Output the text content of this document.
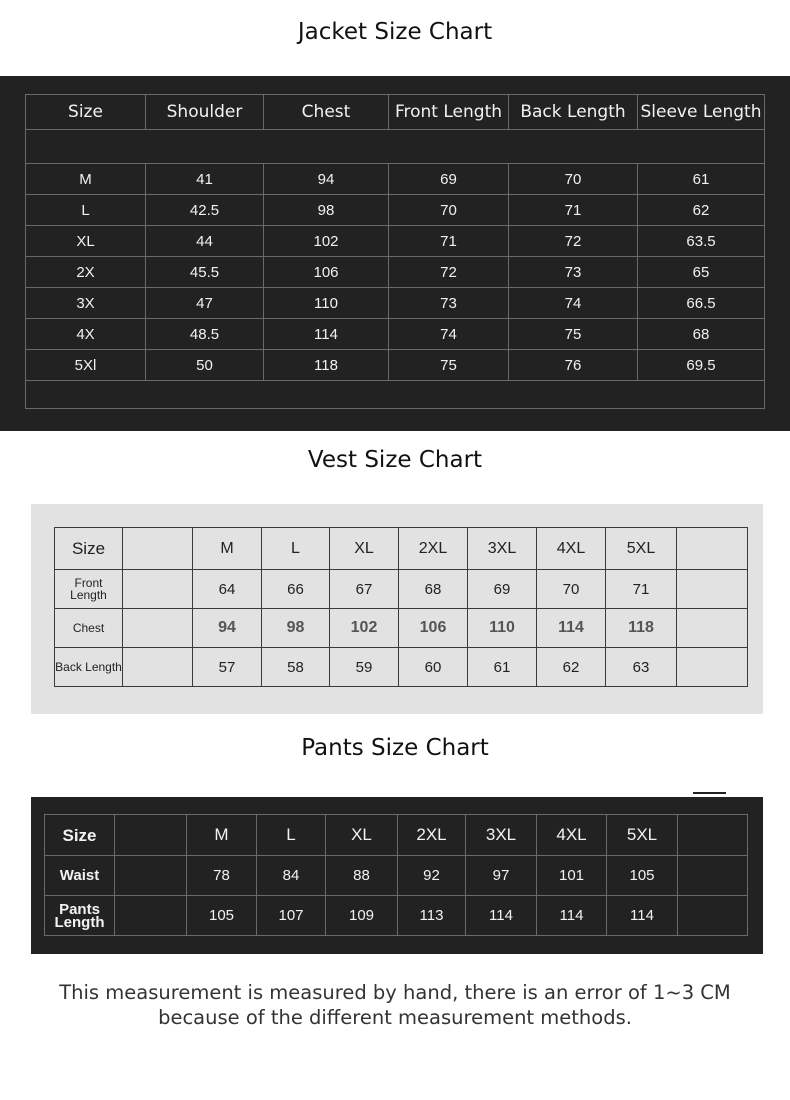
Jacket Size Chart
Size	Shoulder	Chest	Front Length	Back Length	Sleeve Length

M	41	94	69	70	61
L	42.5	98	70	71	62
XL	44	102	71	72	63.5
2X	45.5	106	72	73	65
3X	47	110	73	74	66.5
4X	48.5	114	74	75	68
5Xl	50	118	75	76	69.5

Vest Size Chart
Size		M	L	XL	2XL	3XL	4XL	5XL	
Front Length		64	66	67	68	69	70	71	
Chest		94	98	102	106	110	114	118	
Back Length		57	58	59	60	61	62	63	
Pants Size Chart
Size		M	L	XL	2XL	3XL	4XL	5XL	
Waist		78	84	88	92	97	101	105	
Pants Length		105	107	109	113	114	114	114	
This measurement is measured by hand, there is an error of 1~3 CM
because of the different measurement methods.
